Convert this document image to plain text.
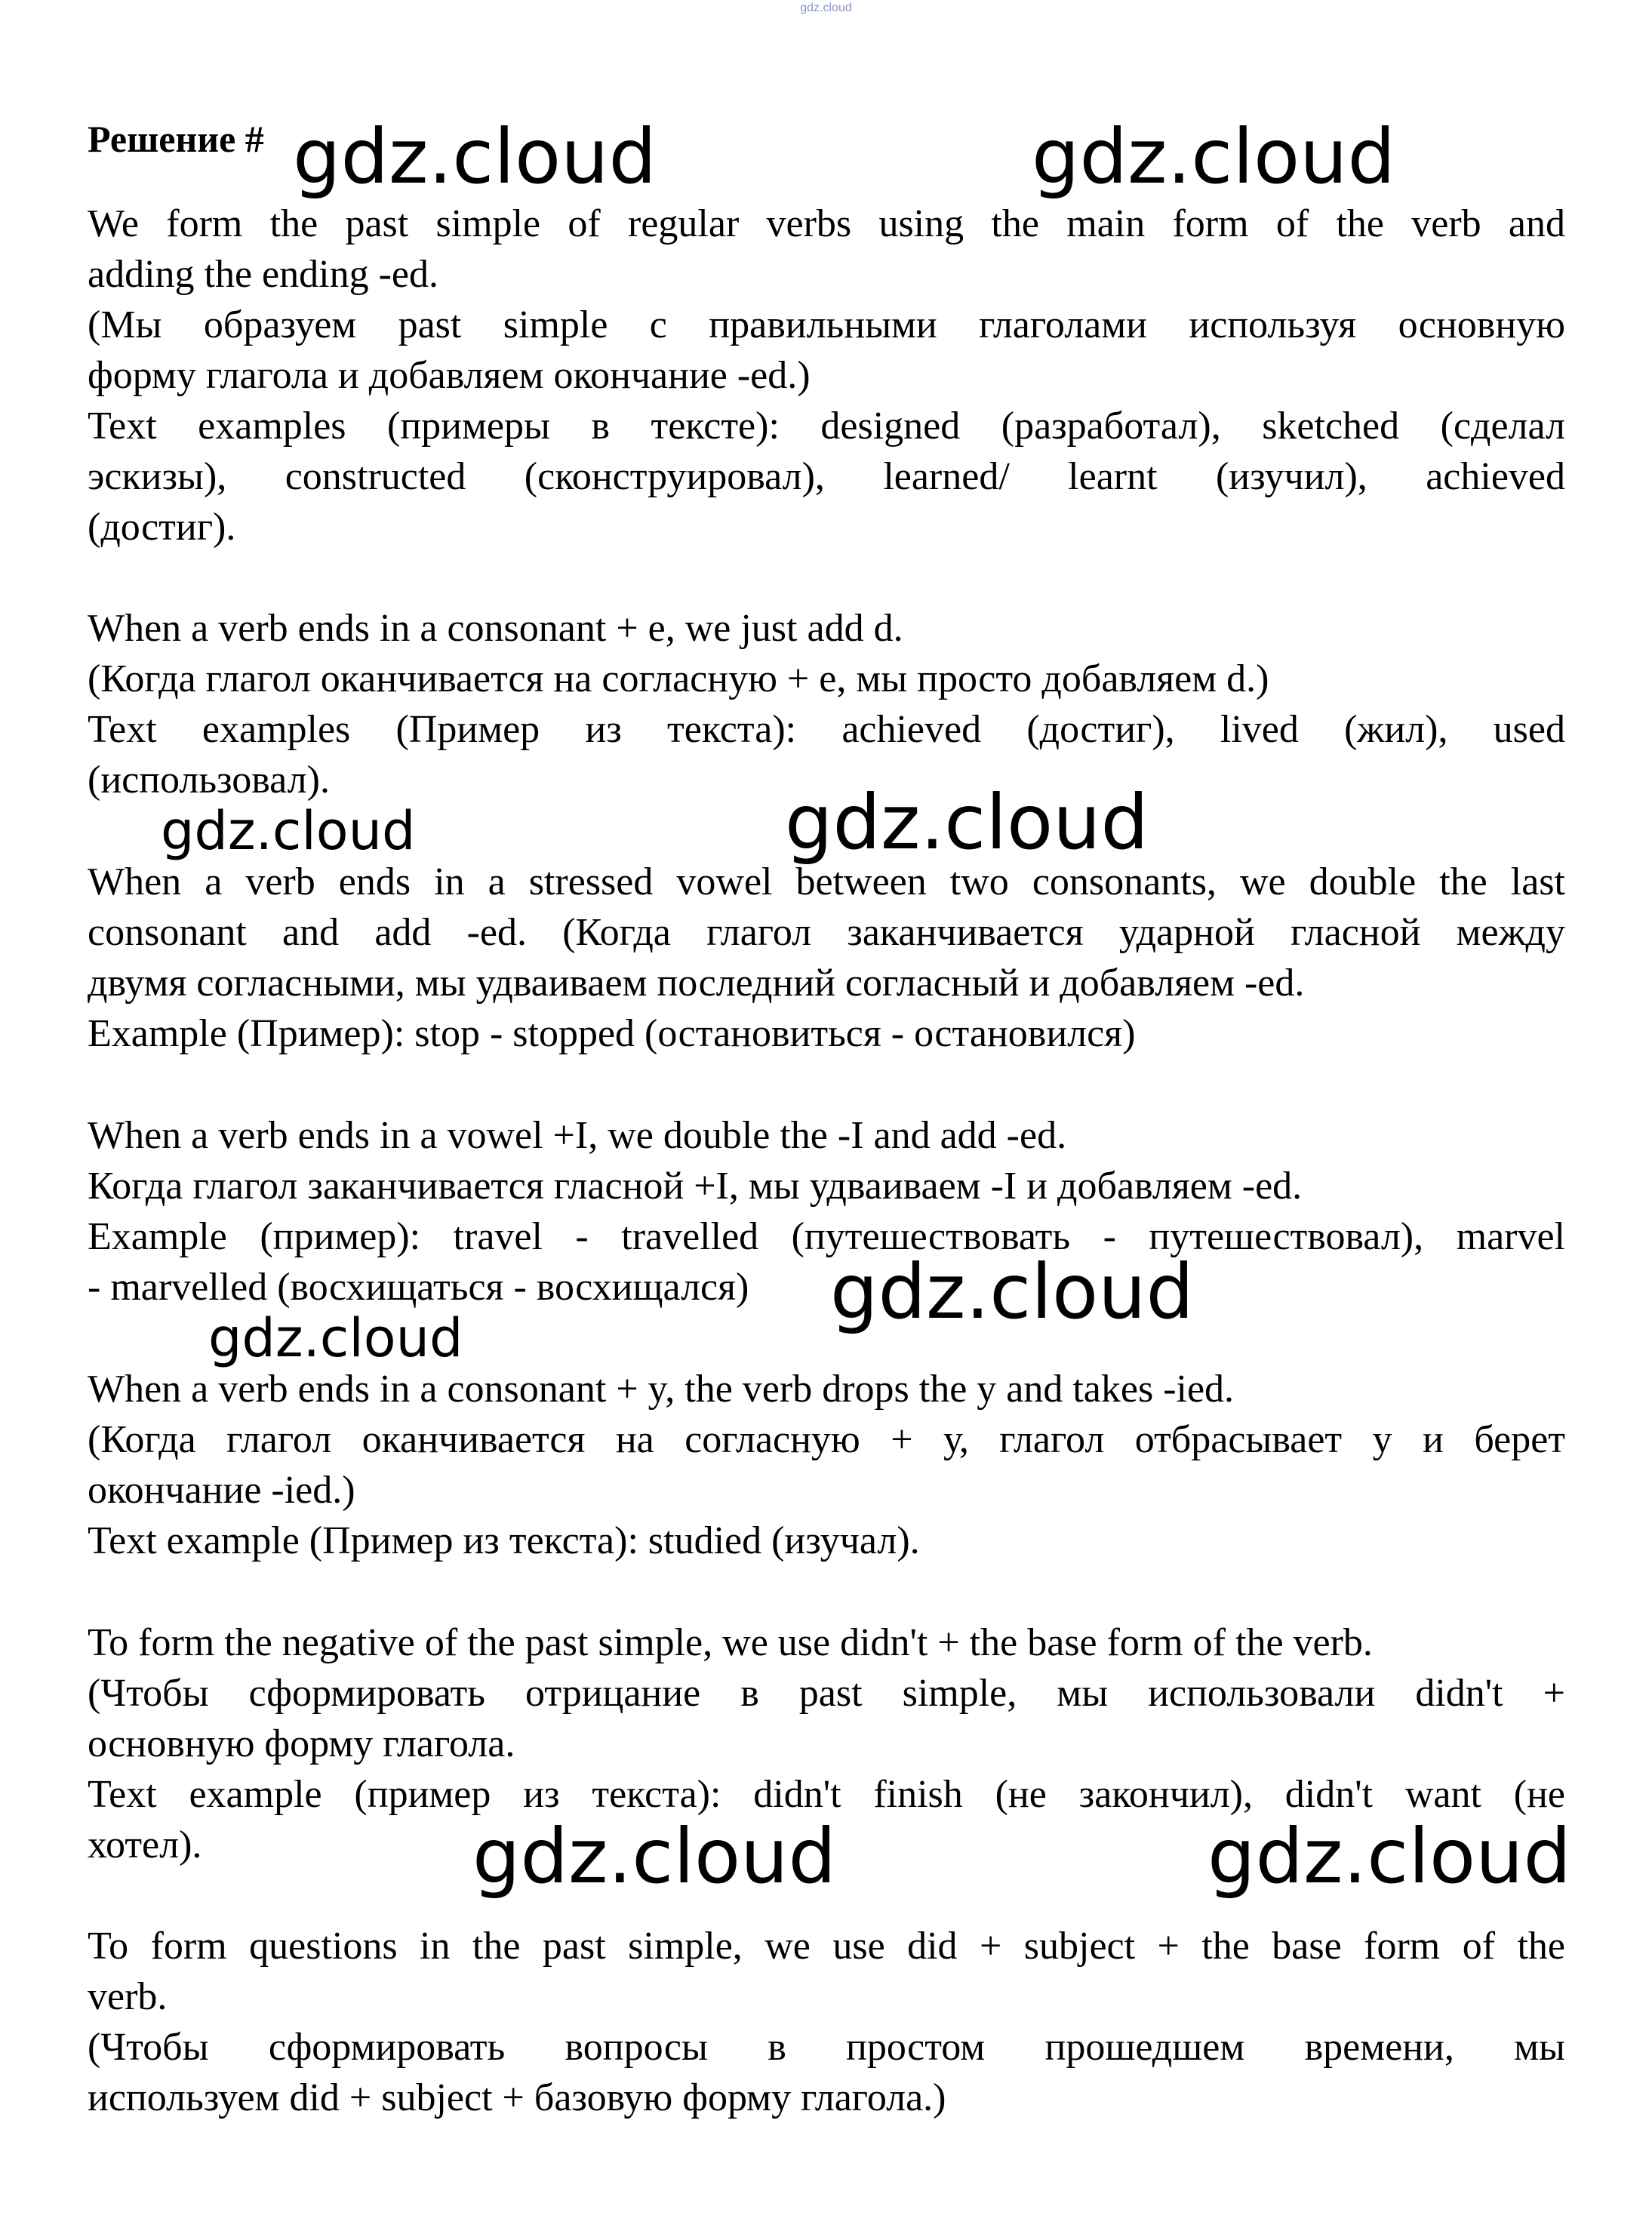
gdz.cloud
Решение #
We form the past simple of regular verbs using the main form of the verb and
adding the ending -ed.
(Мы образуем past simple с правильными глаголами используя основную
форму глагола и добавляем окончание -ed.)
Text examples (примеры в тексте): designed (разработал), sketched (сделал
эскизы), constructed (сконструировал), learned/ learnt (изучил), achieved
(достиг).
When a verb ends in a consonant + e, we just add d.
(Когда глагол оканчивается на согласную + е, мы просто добавляем d.)
Text examples (Пример из текста): achieved (достиг), lived (жил), used
(использовал).
When a verb ends in a stressed vowel between two consonants, we double the last
consonant and add -ed. (Когда глагол заканчивается ударной гласной между
двумя согласными, мы удваиваем последний согласный и добавляем -ed.
Example (Пример): stop - stopped (остановиться - остановился)
When a verb ends in a vowel +I, we double the -I and add -ed.
Когда глагол заканчивается гласной +I, мы удваиваем -I и добавляем -ed.
Example (пример): travel - travelled (путешествовать - путешествовал), marvel
- marvelled (восхищаться - восхищался)
When a verb ends in a consonant + y, the verb drops the y and takes -ied.
(Когда глагол оканчивается на согласную + у, глагол отбрасывает у и берет
окончание -ied.)
Text example (Пример из текста): studied (изучал).
To form the negative of the past simple, we use didn't + the base form of the verb.
(Чтобы сформировать отрицание в past simple, мы использовали didn't +
основную форму глагола.
Text example (пример из текста): didn't finish (не закончил), didn't want (не
хотел).
To form questions in the past simple, we use did + subject + the base form of the
verb.
(Чтобы сформировать вопросы в простом прошедшем времени, мы
используем did + subject + базовую форму глагола.)
gdz.cloud	gdz.cloud
gdz.cloud	gdz.cloud
gdz.cloud
gdz.cloud
gdz.cloud	gdz.cloud
